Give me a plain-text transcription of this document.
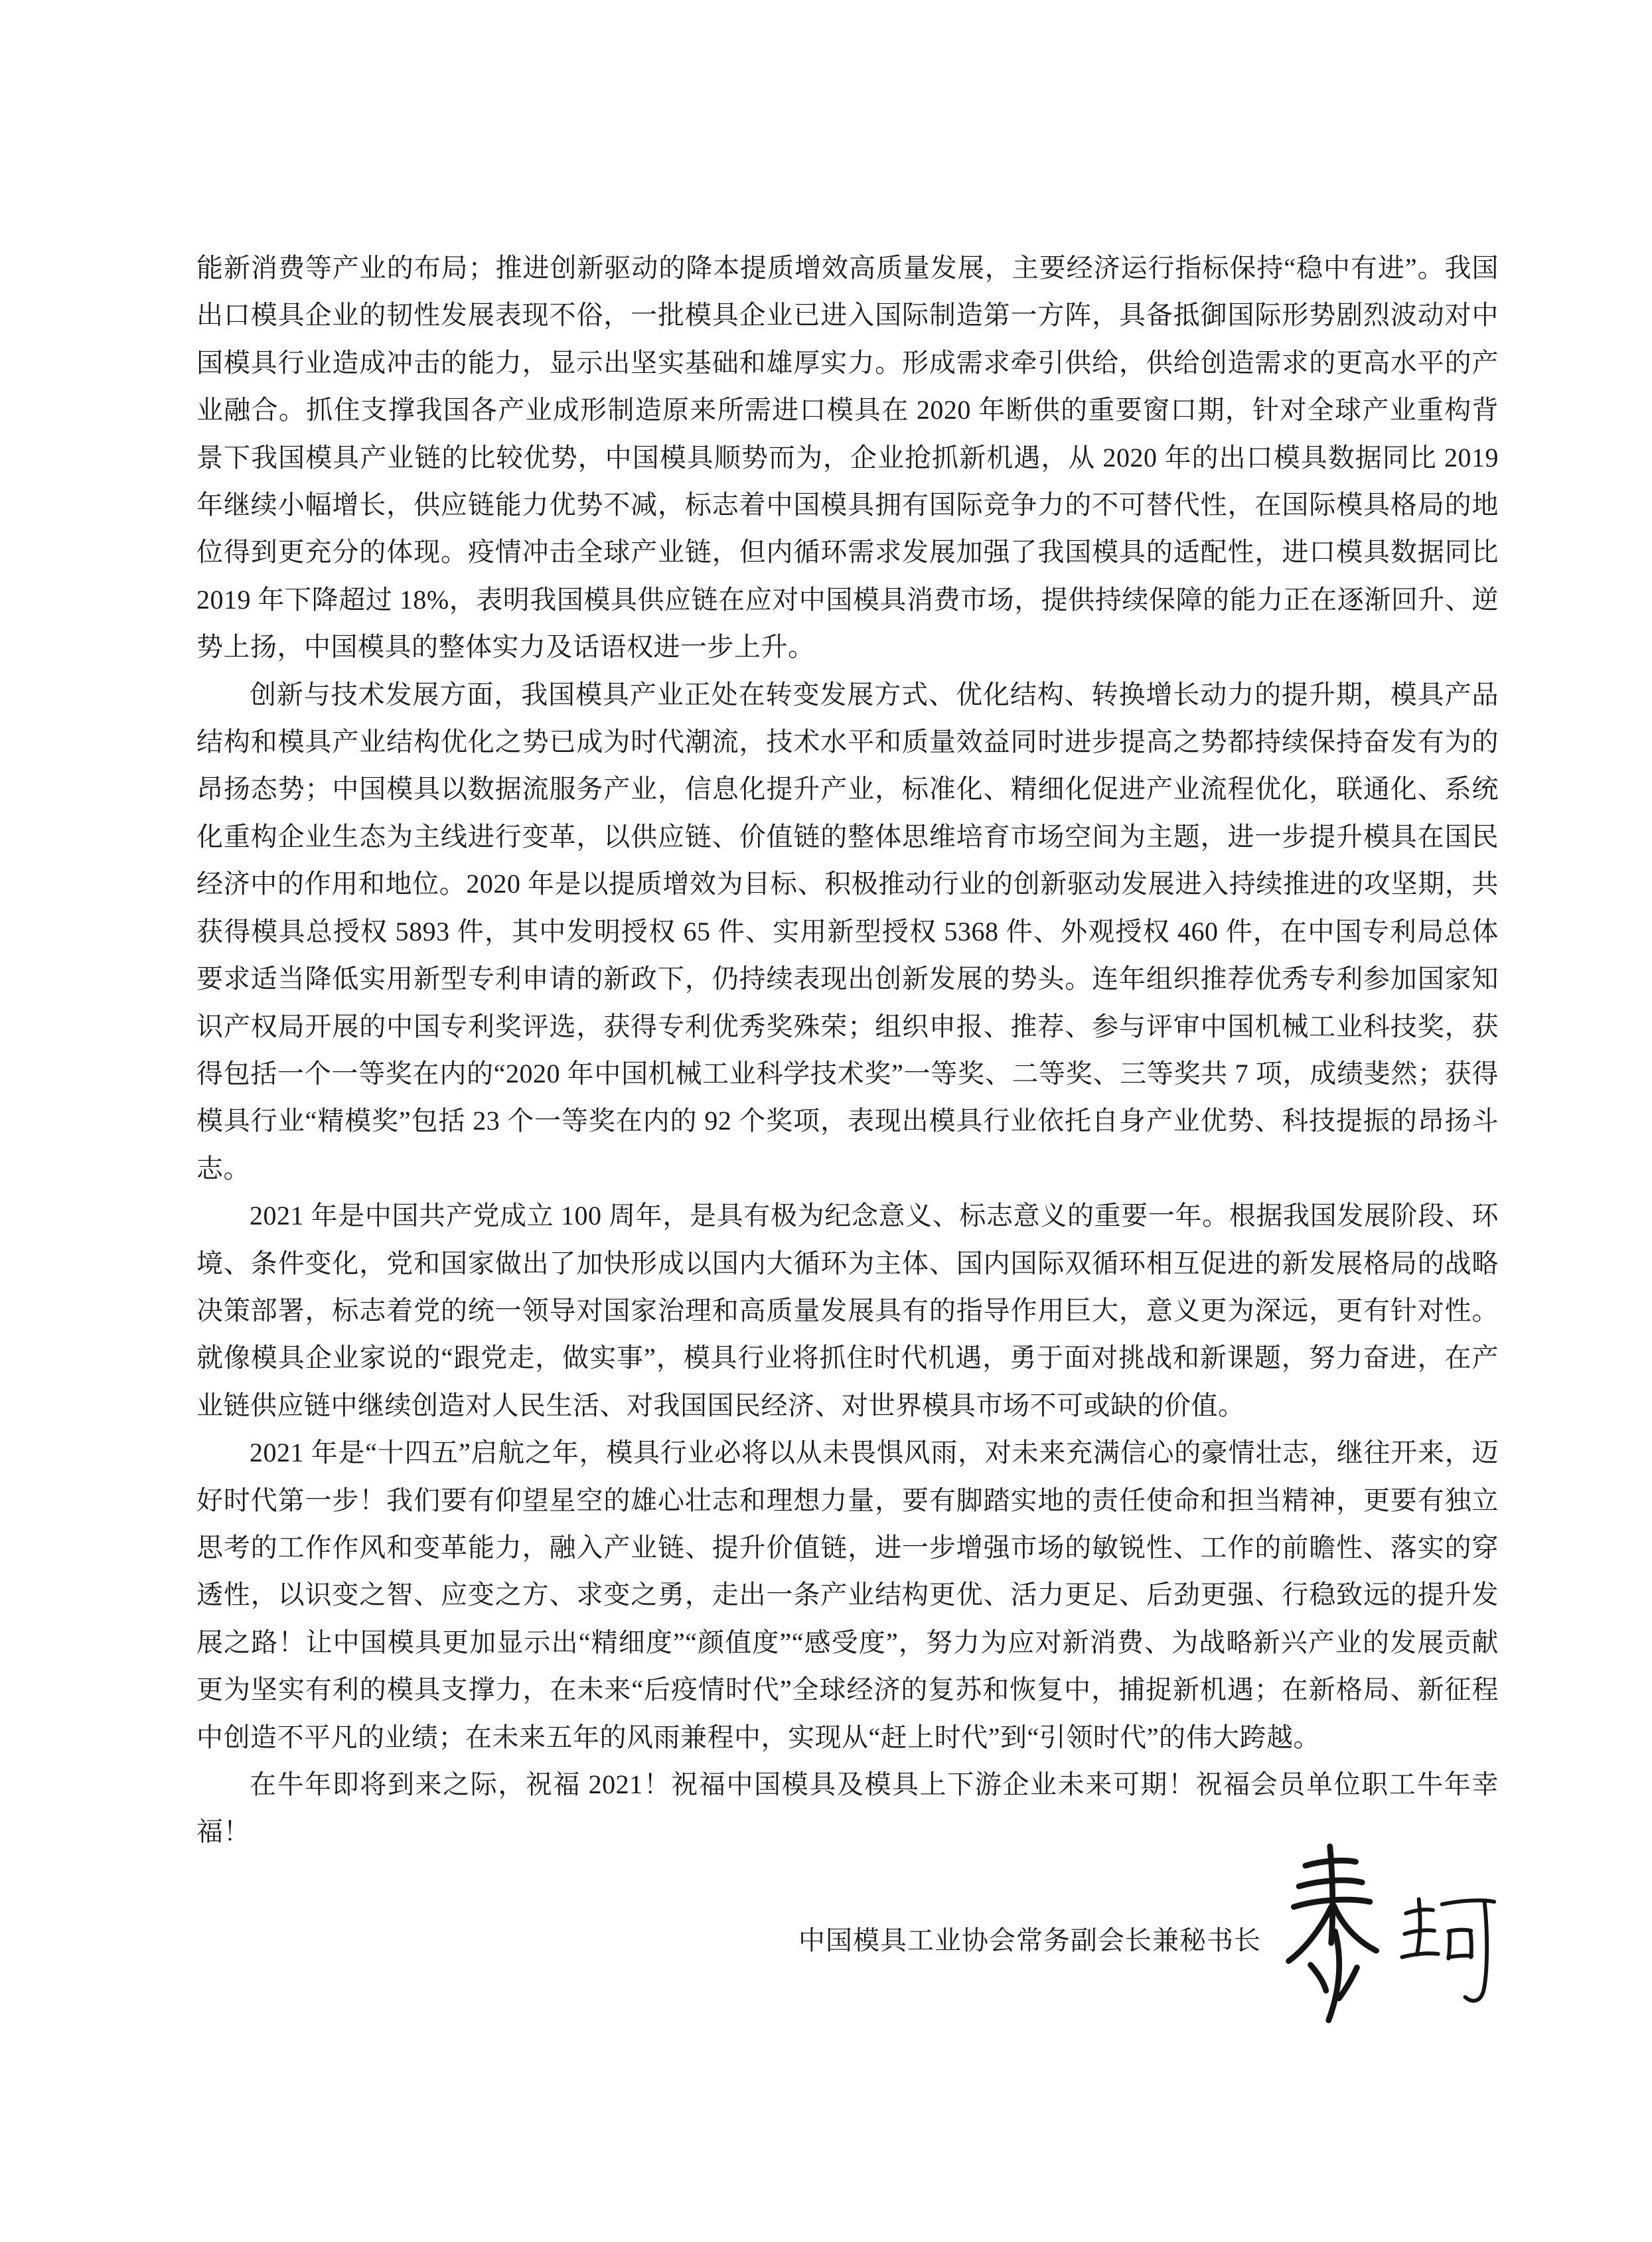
能新消费等产业的布局；推进创新驱动的降本提质增效高质量发展，主要经济运行指标保持“稳中有进”。我国出口模具企业的韧性发展表现不俗，一批模具企业已进入国际制造第一方阵，具备抵御国际形势剧烈波动对中国模具行业造成冲击的能力，显示出坚实基础和雄厚实力。形成需求牵引供给，供给创造需求的更高水平的产业融合。抓住支撑我国各产业成形制造原来所需进口模具在 2020 年断供的重要窗口期，针对全球产业重构背景下我国模具产业链的比较优势，中国模具顺势而为，企业抢抓新机遇，从 2020 年的出口模具数据同比 2019 年继续小幅增长，供应链能力优势不减，标志着中国模具拥有国际竞争力的不可替代性，在国际模具格局的地位得到更充分的体现。疫情冲击全球产业链，但内循环需求发展加强了我国模具的适配性，进口模具数据同比 2019 年下降超过 18%，表明我国模具供应链在应对中国模具消费市场，提供持续保障的能力正在逐渐回升、逆势上扬，中国模具的整体实力及话语权进一步上升。

创新与技术发展方面，我国模具产业正处在转变发展方式、优化结构、转换增长动力的提升期，模具产品结构和模具产业结构优化之势已成为时代潮流，技术水平和质量效益同时进步提高之势都持续保持奋发有为的昂扬态势；中国模具以数据流服务产业，信息化提升产业，标准化、精细化促进产业流程优化，联通化、系统化重构企业生态为主线进行变革，以供应链、价值链的整体思维培育市场空间为主题，进一步提升模具在国民经济中的作用和地位。2020 年是以提质增效为目标、积极推动行业的创新驱动发展进入持续推进的攻坚期，共获得模具总授权 5893 件，其中发明授权 65 件、实用新型授权 5368 件、外观授权 460 件，在中国专利局总体要求适当降低实用新型专利申请的新政下，仍持续表现出创新发展的势头。连年组织推荐优秀专利参加国家知识产权局开展的中国专利奖评选，获得专利优秀奖殊荣；组织申报、推荐、参与评审中国机械工业科技奖，获得包括一个一等奖在内的“2020 年中国机械工业科学技术奖”一等奖、二等奖、三等奖共 7 项，成绩斐然；获得模具行业“精模奖”包括 23 个一等奖在内的 92 个奖项，表现出模具行业依托自身产业优势、科技提振的昂扬斗志。

2021 年是中国共产党成立 100 周年，是具有极为纪念意义、标志意义的重要一年。根据我国发展阶段、环境、条件变化，党和国家做出了加快形成以国内大循环为主体、国内国际双循环相互促进的新发展格局的战略决策部署，标志着党的统一领导对国家治理和高质量发展具有的指导作用巨大，意义更为深远，更有针对性。就像模具企业家说的“跟党走，做实事”，模具行业将抓住时代机遇，勇于面对挑战和新课题，努力奋进，在产业链供应链中继续创造对人民生活、对我国国民经济、对世界模具市场不可或缺的价值。

2021 年是“十四五”启航之年，模具行业必将以从未畏惧风雨，对未来充满信心的豪情壮志，继往开来，迈好时代第一步！我们要有仰望星空的雄心壮志和理想力量，要有脚踏实地的责任使命和担当精神，更要有独立思考的工作作风和变革能力，融入产业链、提升价值链，进一步增强市场的敏锐性、工作的前瞻性、落实的穿透性，以识变之智、应变之方、求变之勇，走出一条产业结构更优、活力更足、后劲更强、行稳致远的提升发展之路！让中国模具更加显示出“精细度”“颜值度”“感受度”，努力为应对新消费、为战略新兴产业的发展贡献更为坚实有利的模具支撑力，在未来“后疫情时代”全球经济的复苏和恢复中，捕捉新机遇；在新格局、新征程中创造不平凡的业绩；在未来五年的风雨兼程中，实现从“赶上时代”到“引领时代”的伟大跨越。

在牛年即将到来之际，祝福 2021！祝福中国模具及模具上下游企业未来可期！祝福会员单位职工牛年幸福！

中国模具工业协会常务副会长兼秘书长
